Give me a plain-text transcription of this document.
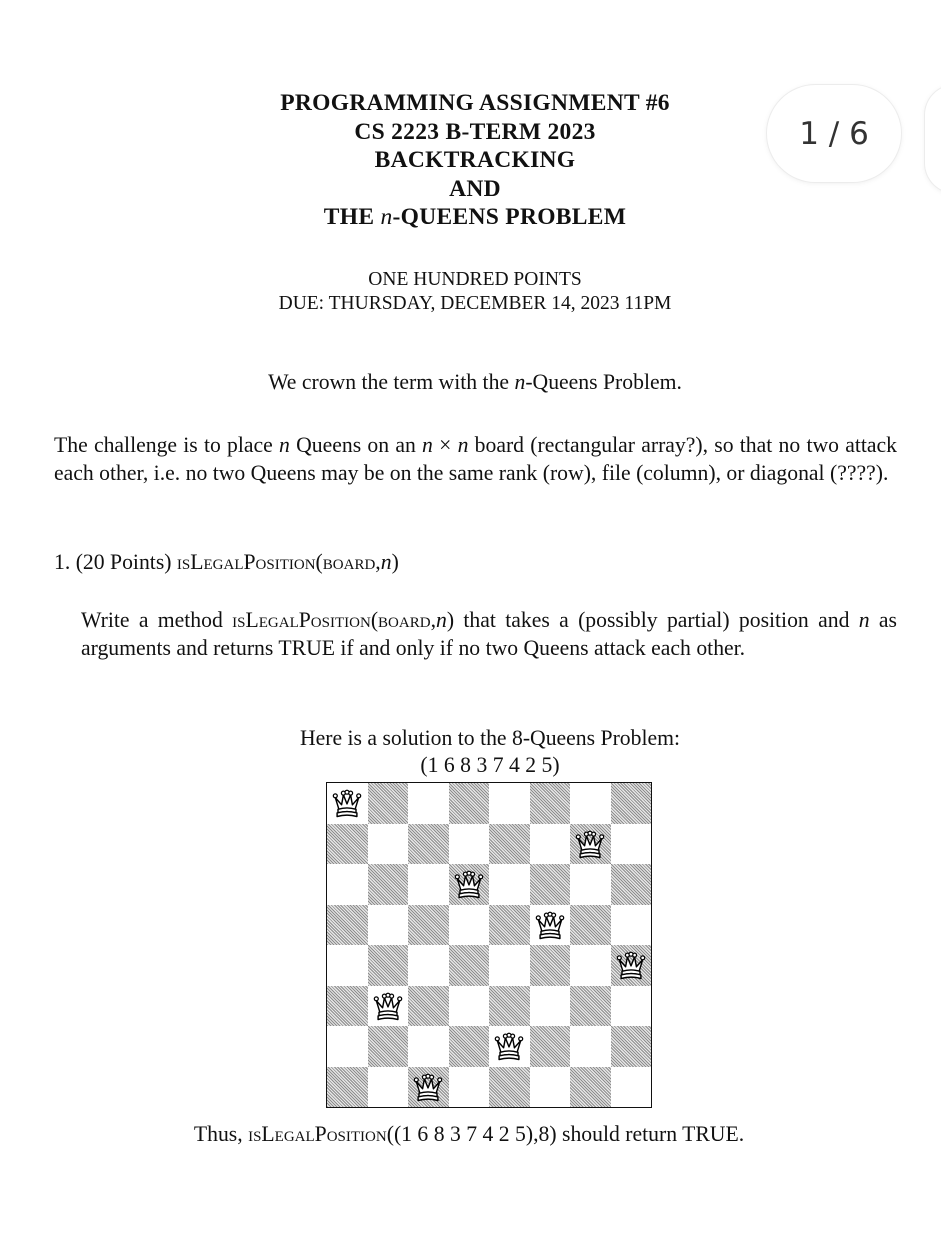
PROGRAMMING ASSIGNMENT #6
CS 2223 B-TERM 2023
BACKTRACKING
AND
THE n-QUEENS PROBLEM
1 / 6
ONE HUNDRED POINTS
DUE: THURSDAY, DECEMBER 14, 2023 11PM
We crown the term with the n-Queens Problem.
The challenge is to place n Queens on an n × n board (rectangular array?), so that no two attack each other, i.e. no two Queens may be on the same rank (row), file (column), or diagonal (????).
1. (20 Points) isLegalPosition(board,n)
Write a method isLegalPosition(board,n) that takes a (possibly partial) position and n as arguments and returns TRUE if and only if no two Queens attack each other.
Here is a solution to the 8-Queens Problem:
(1 6 8 3 7 4 2 5)
Thus, isLegalPosition((1 6 8 3 7 4 2 5),8) should return TRUE.
